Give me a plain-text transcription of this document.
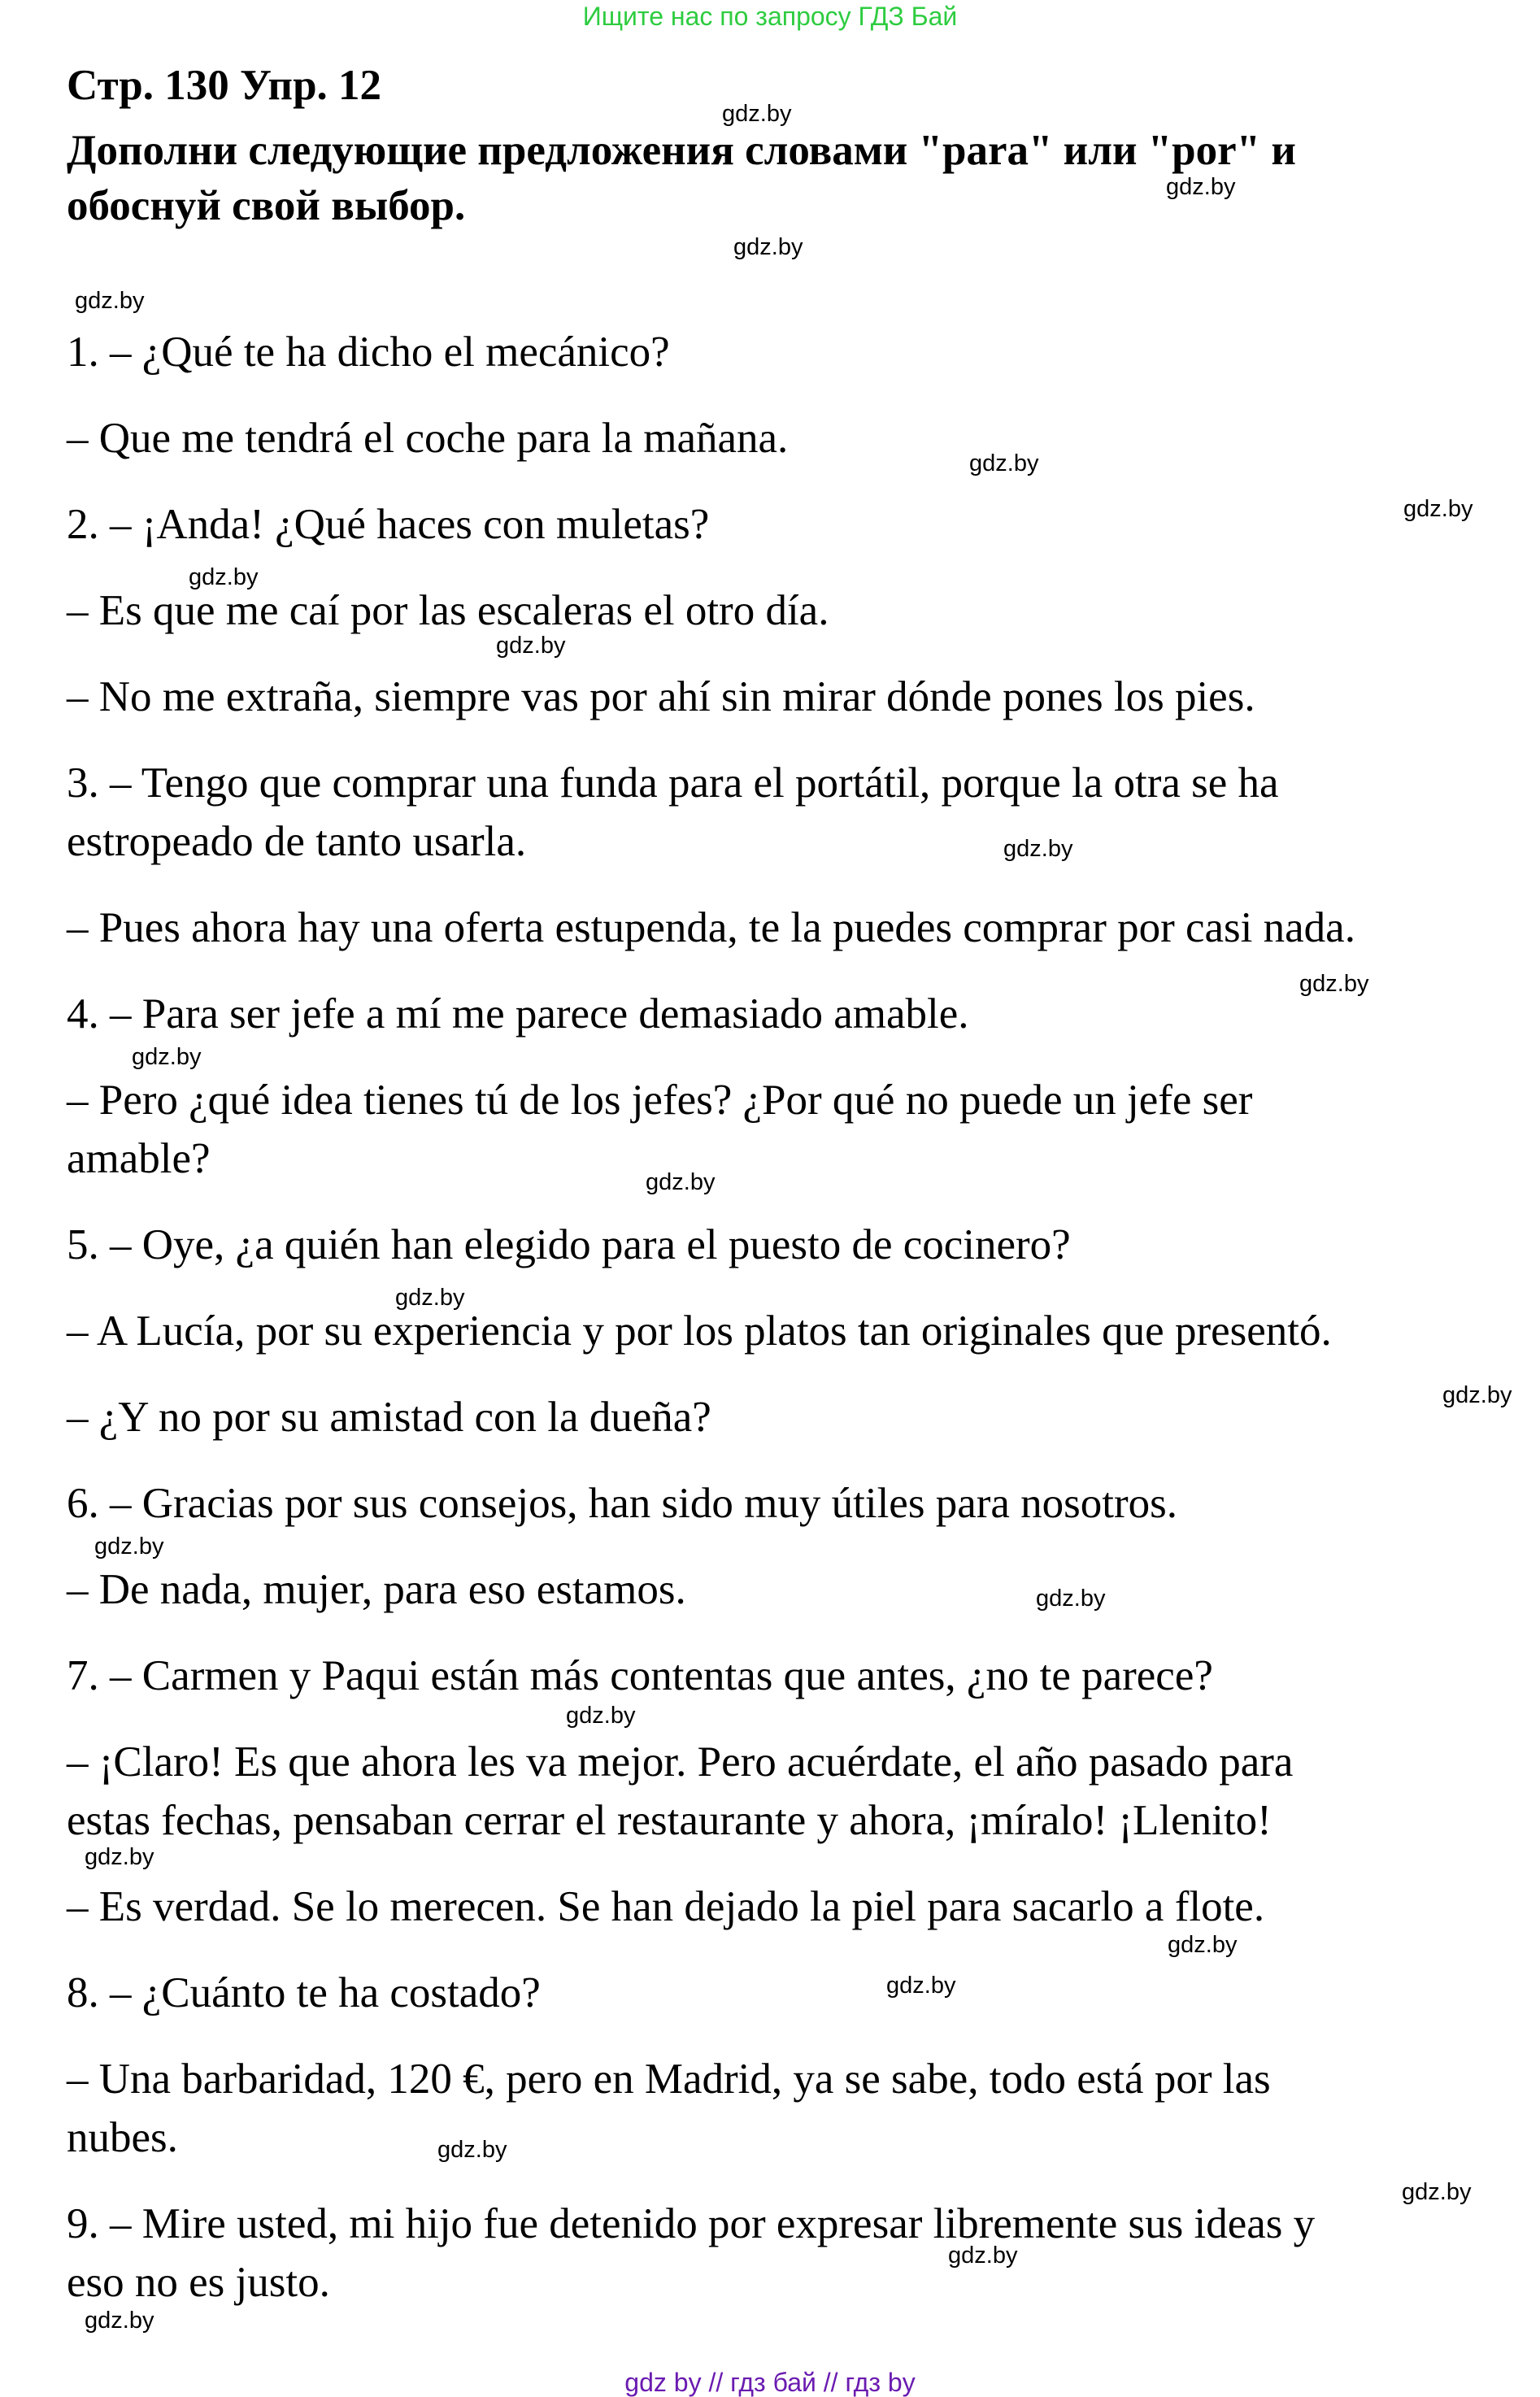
Ищите нас по запросу ГДЗ Бай
Стр. 130 Упр. 12
Дополни следующие предложения словами "para" или "por" и
обоснуй свой выбор.
1. – ¿Qué te ha dicho el mecánico?
– Que me tendrá el coche para la mañana.
2. – ¡Anda! ¿Qué haces con muletas?
– Es que me caí por las escaleras el otro día.
– No me extraña, siempre vas por ahí sin mirar dónde pones los pies.
3. – Tengo que comprar una funda para el portátil, porque la otra se ha
estropeado de tanto usarla.
– Pues ahora hay una oferta estupenda, te la puedes comprar por casi nada.
4. – Para ser jefe a mí me parece demasiado amable.
– Pero ¿qué idea tienes tú de los jefes? ¿Por qué no puede un jefe ser
amable?
5. – Oye, ¿a quién han elegido para el puesto de cocinero?
– A Lucía, por su experiencia y por los platos tan originales que presentó.
– ¿Y no por su amistad con la dueña?
6. – Gracias por sus consejos, han sido muy útiles para nosotros.
– De nada, mujer, para eso estamos.
7. – Carmen y Paqui están más contentas que antes, ¿no te parece?
– ¡Claro! Es que ahora les va mejor. Pero acuérdate, el año pasado para
estas fechas, pensaban cerrar el restaurante y ahora, ¡míralo! ¡Llenito!
– Es verdad. Se lo merecen. Se han dejado la piel para sacarlo a flote.
8. – ¿Cuánto te ha costado?
– Una barbaridad, 120 €, pero en Madrid, ya se sabe, todo está por las
nubes.
9. – Mire usted, mi hijo fue detenido por expresar libremente sus ideas y
eso no es justo.
gdz.by
gdz.by
gdz.by
gdz.by
gdz.by
gdz.by
gdz.by
gdz.by
gdz.by
gdz.by
gdz.by
gdz.by
gdz.by
gdz.by
gdz.by
gdz.by
gdz.by
gdz.by
gdz.by
gdz.by
gdz.by
gdz.by
gdz.by
gdz.by
gdz by // гдз бай // гдз by
